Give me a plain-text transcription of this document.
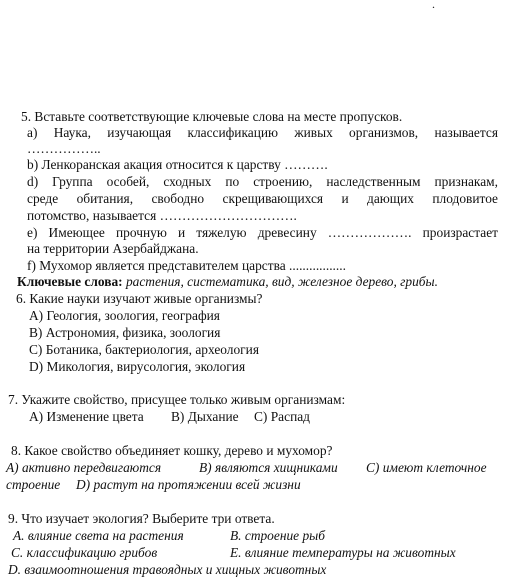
.
5. Вставьте соответствующие ключевые слова на месте пропусков.
a) Наука, изучающая классификацию живых организмов, называется
……………..
b) Ленкоранская акация относится к царству ……….
d) Группа особей, сходных по строению, наследственным признакам,
среде обитания, свободно скрещивающихся и дающих плодовитое
потомство, называется ………………………….
e) Имеющее прочную и тяжелую древесину ………………. произрастает
на территории Азербайджана.
f) Мухомор является представителем царства .................
Ключевые слова: растения, систематика, вид, железное дерево, грибы.
6. Какие науки изучают живые организмы?
A) Геология, зоология, география
B) Астрономия, физика, зоология
C) Ботаника, бактериология, археология
D) Микология, вирусология, экология
7. Укажите свойство, присущее только живым организмам:
A) Изменение цвета B) Дыхание C) Распад
8. Какое свойство объединяет кошку, дерево и мухомор?
A) активно передвигаются	B) являются хищниками C) имеют клеточное
строение D) растут на протяжении всей жизни
9. Что изучает экология? Выберите три ответа.
A. влияние света на растения	B. строение рыб
C. классификацию грибов	E. влияние температуры на животных
D. взаимоотношения травоядных и хищных животных
